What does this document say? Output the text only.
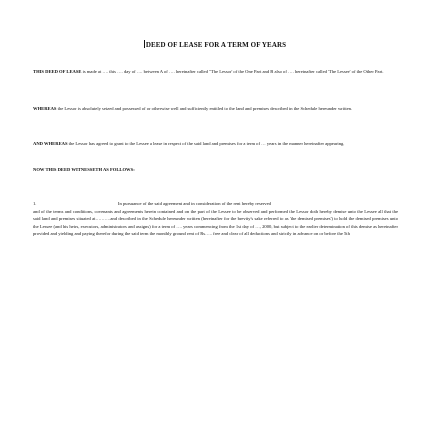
DEED OF LEASE FOR A TERM OF YEARS
THIS DEED OF LEASE is made at …. this …. day of …. between A of …. hereinafter called "The Lessor' of the One Part and B also of …. hereinafter called 'The Lessee' of the Other Part.
WHEREAS the Lessor is absolutely seized and possessed of or otherwise well and sufficiently entitled to the land and premises described in the Schedule hereunder written.
AND WHEREAS the Lessor has agreed to grant to the Lessee a lease in respect of the said land and premises for a term of … years in the manner hereinafter appearing.
NOW THIS DEED WITNESSETH AS FOLLOWS:
1.	In pursuance of the said agreement and in consideration of the rent hereby reserved
and of the terms and conditions, covenants and agreements herein contained and on the part of the Lessee to be observed and performed the Lessor doth hereby demise unto the Lessee all that the said land and premises situated at……….and described in the Schedule hereunder written (hereinafter for the brevity's sake referred to as 'the demised premises') to hold the demised premises unto the Lessee (and his heirs, executors, administrators and assigns) for a term of …. years commencing from the 1st day of …, 2000, but subject to the earlier determination of this demise as hereinafter provided and yielding and paying therefor during the said term the monthly ground rent of Rs….. free and clear of all deductions and strictly in advance on or before the 5th
